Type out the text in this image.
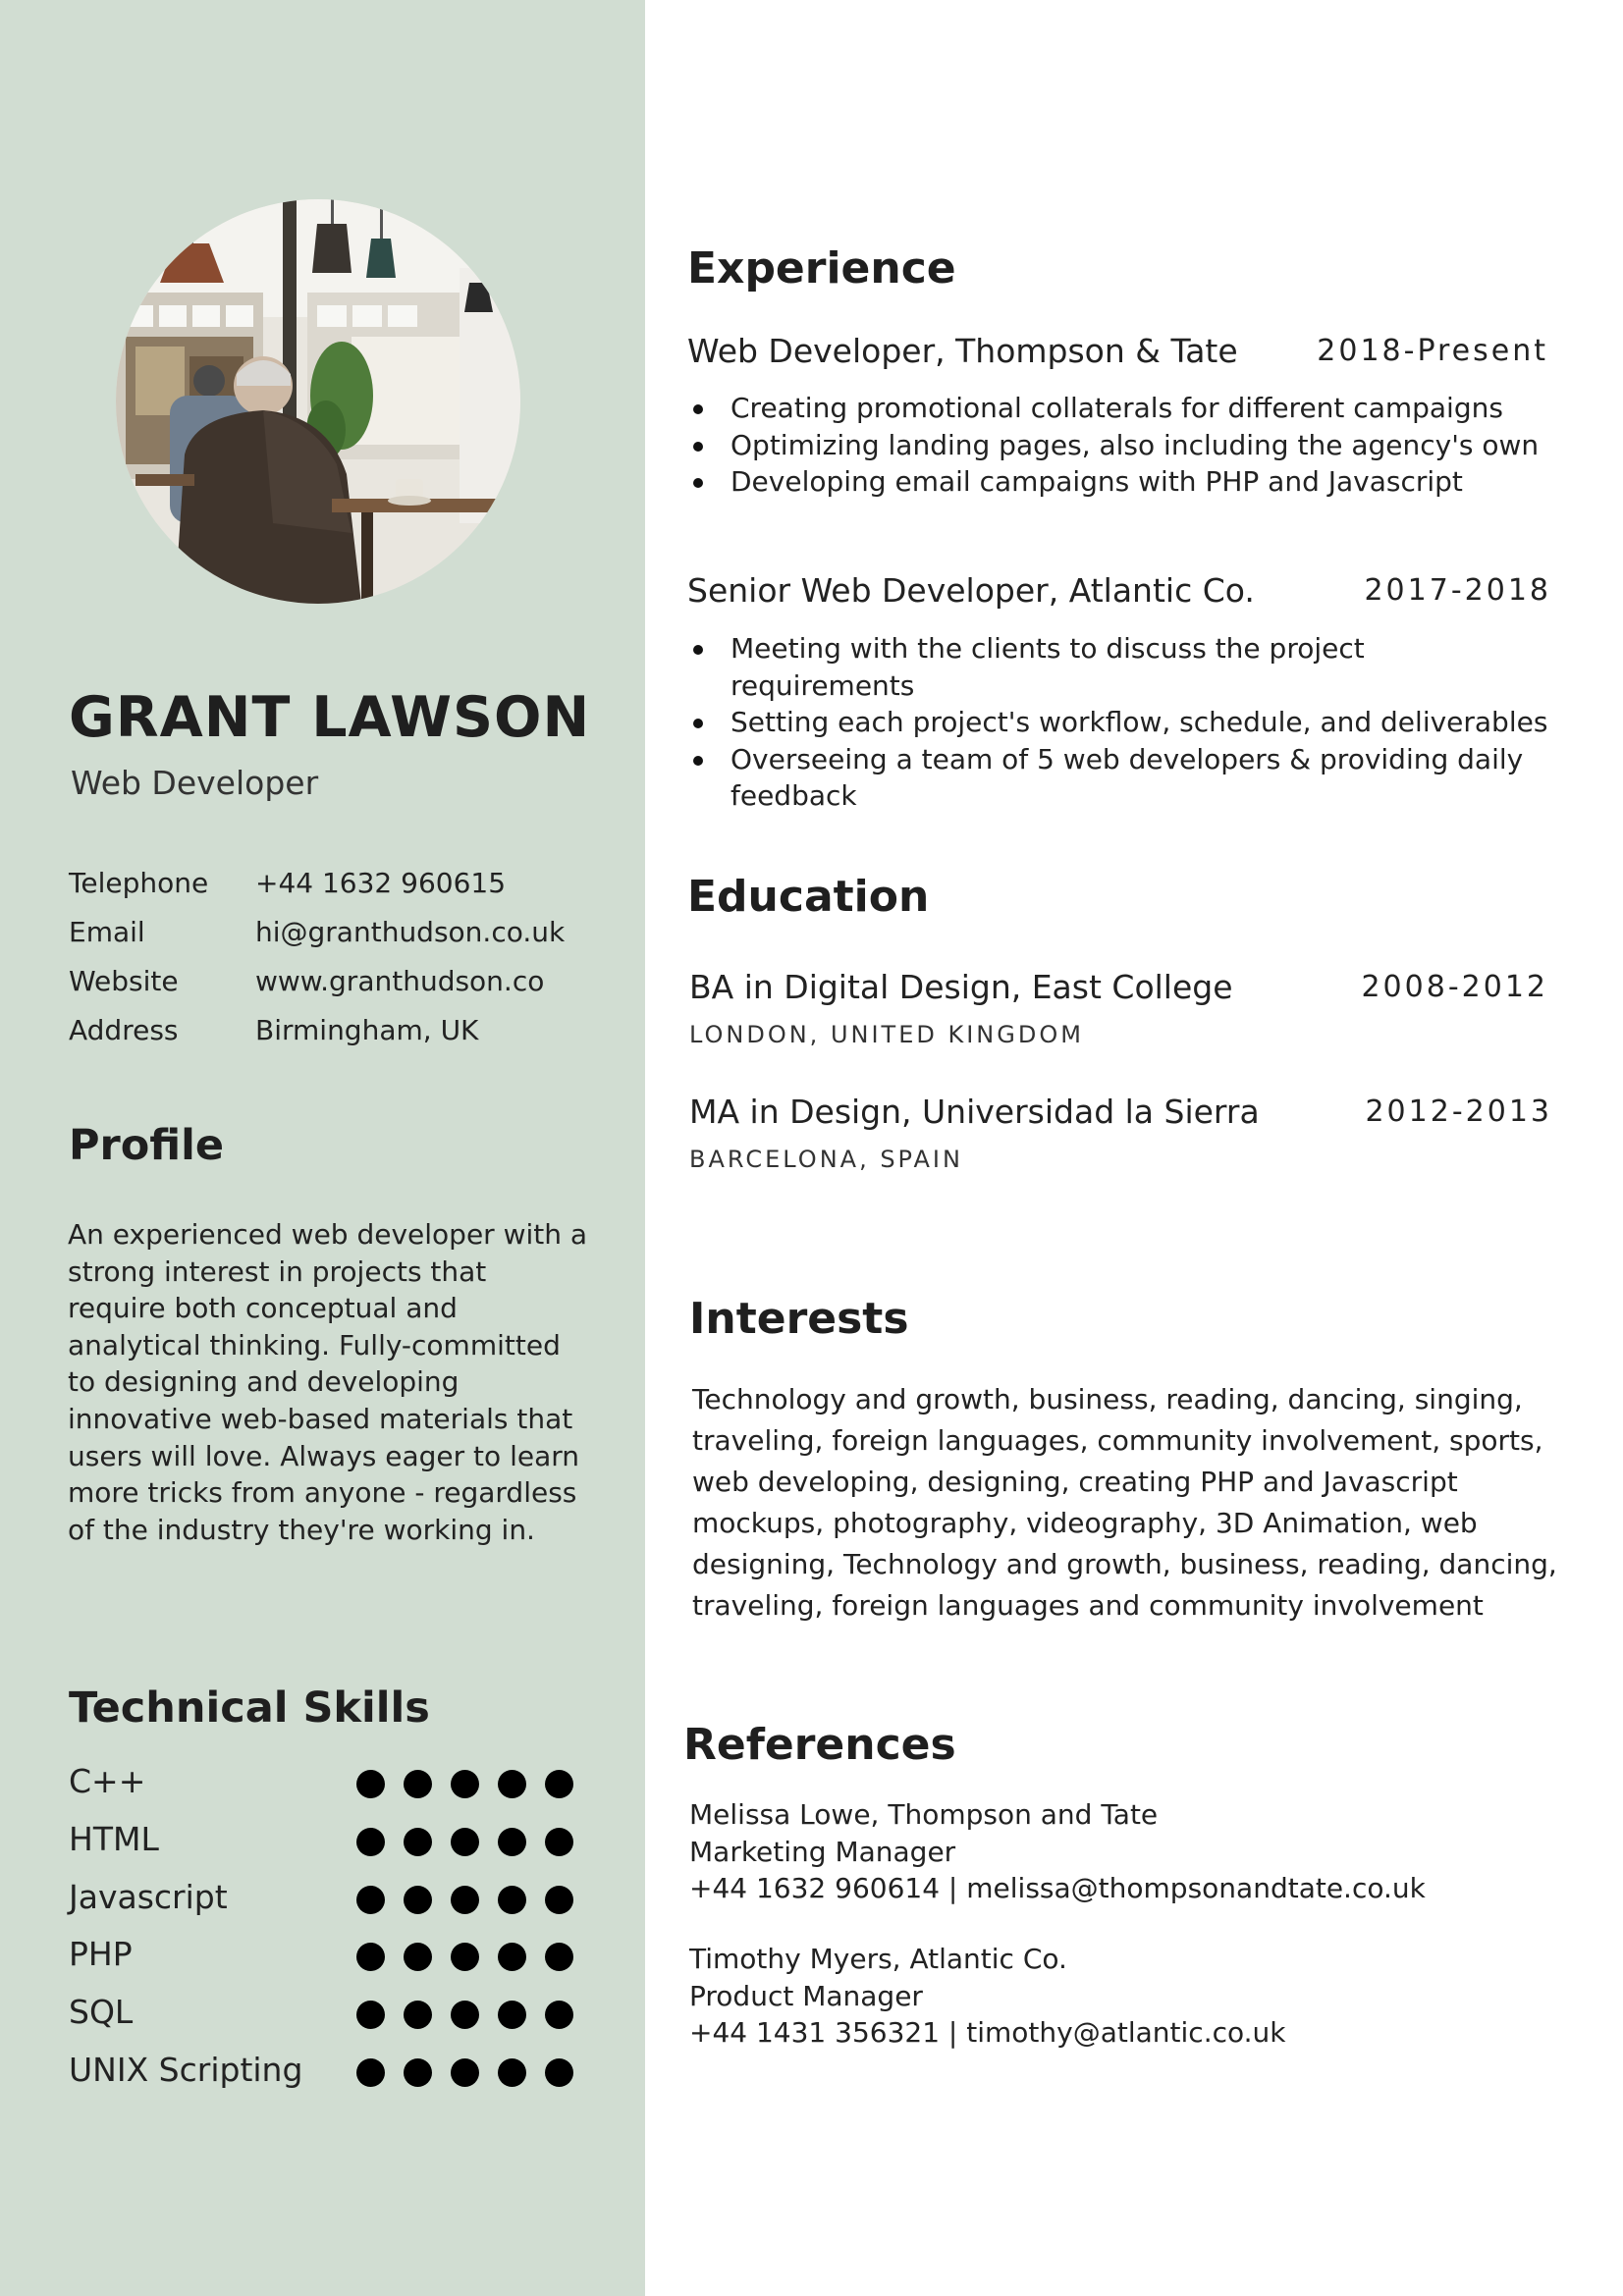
GRANT LAWSON
Web Developer
Telephone	+44 1632 960615
Email	hi@granthudson.co.uk
Website	www.granthudson.co
Address	Birmingham, UK
Profile
An experienced web developer with a strong interest in projects that require both conceptual and analytical thinking. Fully-committed to designing and developing innovative web-based materials that users will love. Always eager to learn more tricks from anyone - regardless of the industry they're working in.
Technical Skills
C++
HTML
Javascript
PHP
SQL
UNIX Scripting
Experience
Web Developer, Thompson & Tate	2018-Present
Creating promotional collaterals for different campaigns
Optimizing landing pages, also including the agency's own
Developing email campaigns with PHP and Javascript
Senior Web Developer, Atlantic Co.	2017-2018
Meeting with the clients to discuss the project requirements
Setting each project's workflow, schedule, and deliverables
Overseeing a team of 5 web developers & providing daily feedback
Education
BA in Digital Design, East College	2008-2012
LONDON, UNITED KINGDOM
MA in Design, Universidad la Sierra	2012-2013
BARCELONA, SPAIN
Interests
Technology and growth, business, reading, dancing, singing, traveling, foreign languages, community involvement, sports, web developing, designing, creating PHP and Javascript mockups, photography, videography, 3D Animation, web designing, Technology and growth, business, reading, dancing, traveling, foreign languages and community involvement
References
Melissa Lowe, Thompson and Tate
Marketing Manager
+44 1632 960614 | melissa@thompsonandtate.co.uk
Timothy Myers, Atlantic Co.
Product Manager
+44 1431 356321 | timothy@atlantic.co.uk
